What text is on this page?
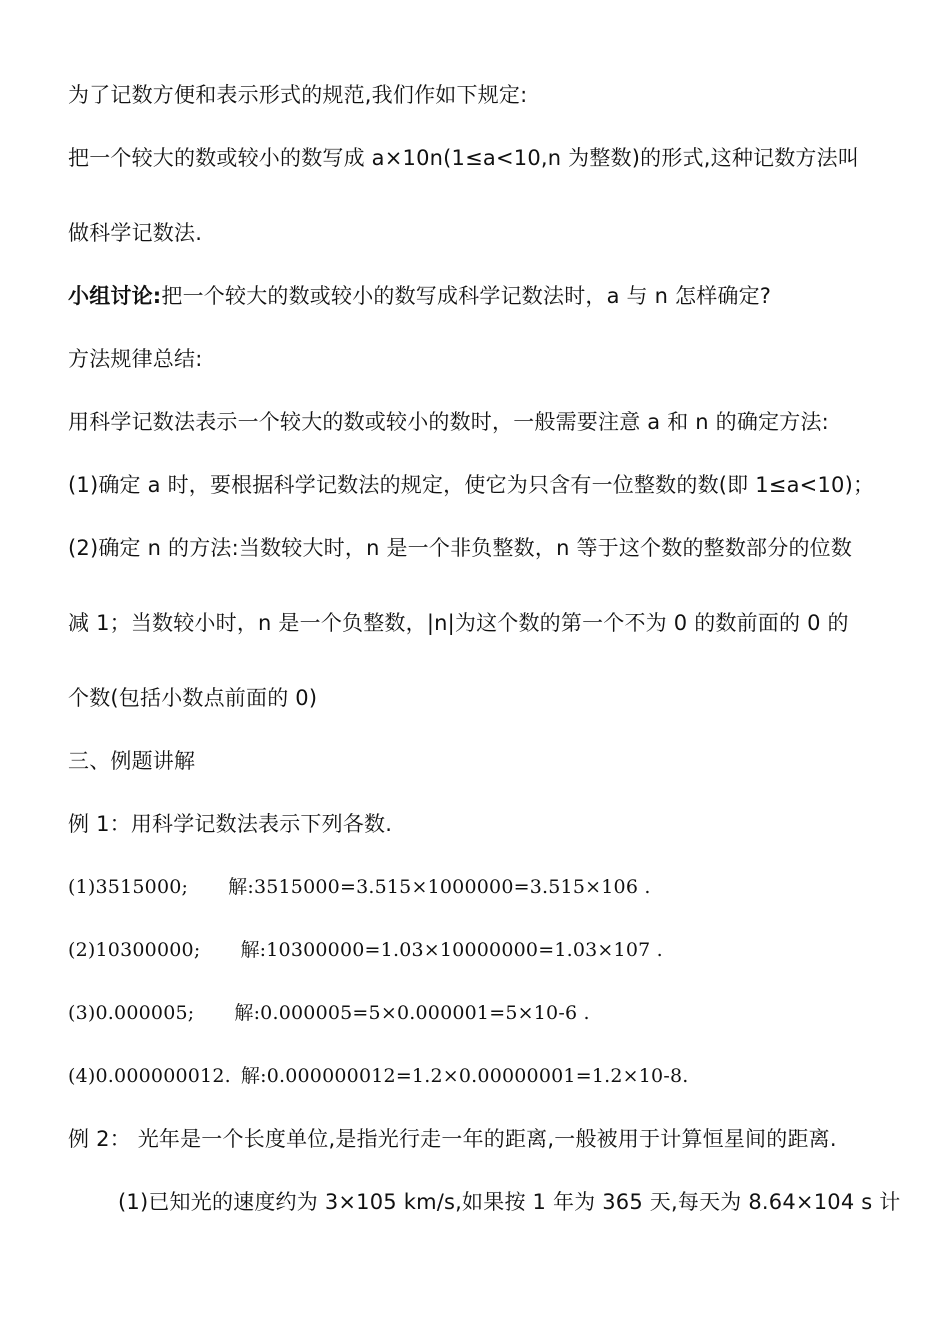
为了记数方便和表示形式的规范,我们作如下规定:
把一个较大的数或较小的数写成 a×10n(1≤a<10,n 为整数)的形式,这种记数方法叫
做科学记数法.
小组讨论:把一个较大的数或较小的数写成科学记数法时，a 与 n 怎样确定?
方法规律总结:
用科学记数法表示一个较大的数或较小的数时，一般需要注意 a 和 n 的确定方法:
(1)确定 a 时，要根据科学记数法的规定，使它为只含有一位整数的数(即 1≤a<10)；
(2)确定 n 的方法:当数较大时，n 是一个非负整数，n 等于这个数的整数部分的位数
减 1；当数较小时，n 是一个负整数，|n|为这个数的第一个不为 0 的数前面的 0 的
个数(包括小数点前面的 0)
三、例题讲解
例 1：用科学记数法表示下列各数.
(1)3515000; 解:3515000=3.515×1000000=3.515×106 .
(2)10300000; 解:10300000=1.03×10000000=1.03×107 .
(3)0.000005; 解:0.000005=5×0.000001=5×10-6 .
(4)0.000000012. 解:0.000000012=1.2×0.00000001=1.2×10-8.
例 2： 光年是一个长度单位,是指光行走一年的距离,一般被用于计算恒星间的距离.
(1)已知光的速度约为 3×105 km/s,如果按 1 年为 365 天,每天为 8.64×104 s 计
